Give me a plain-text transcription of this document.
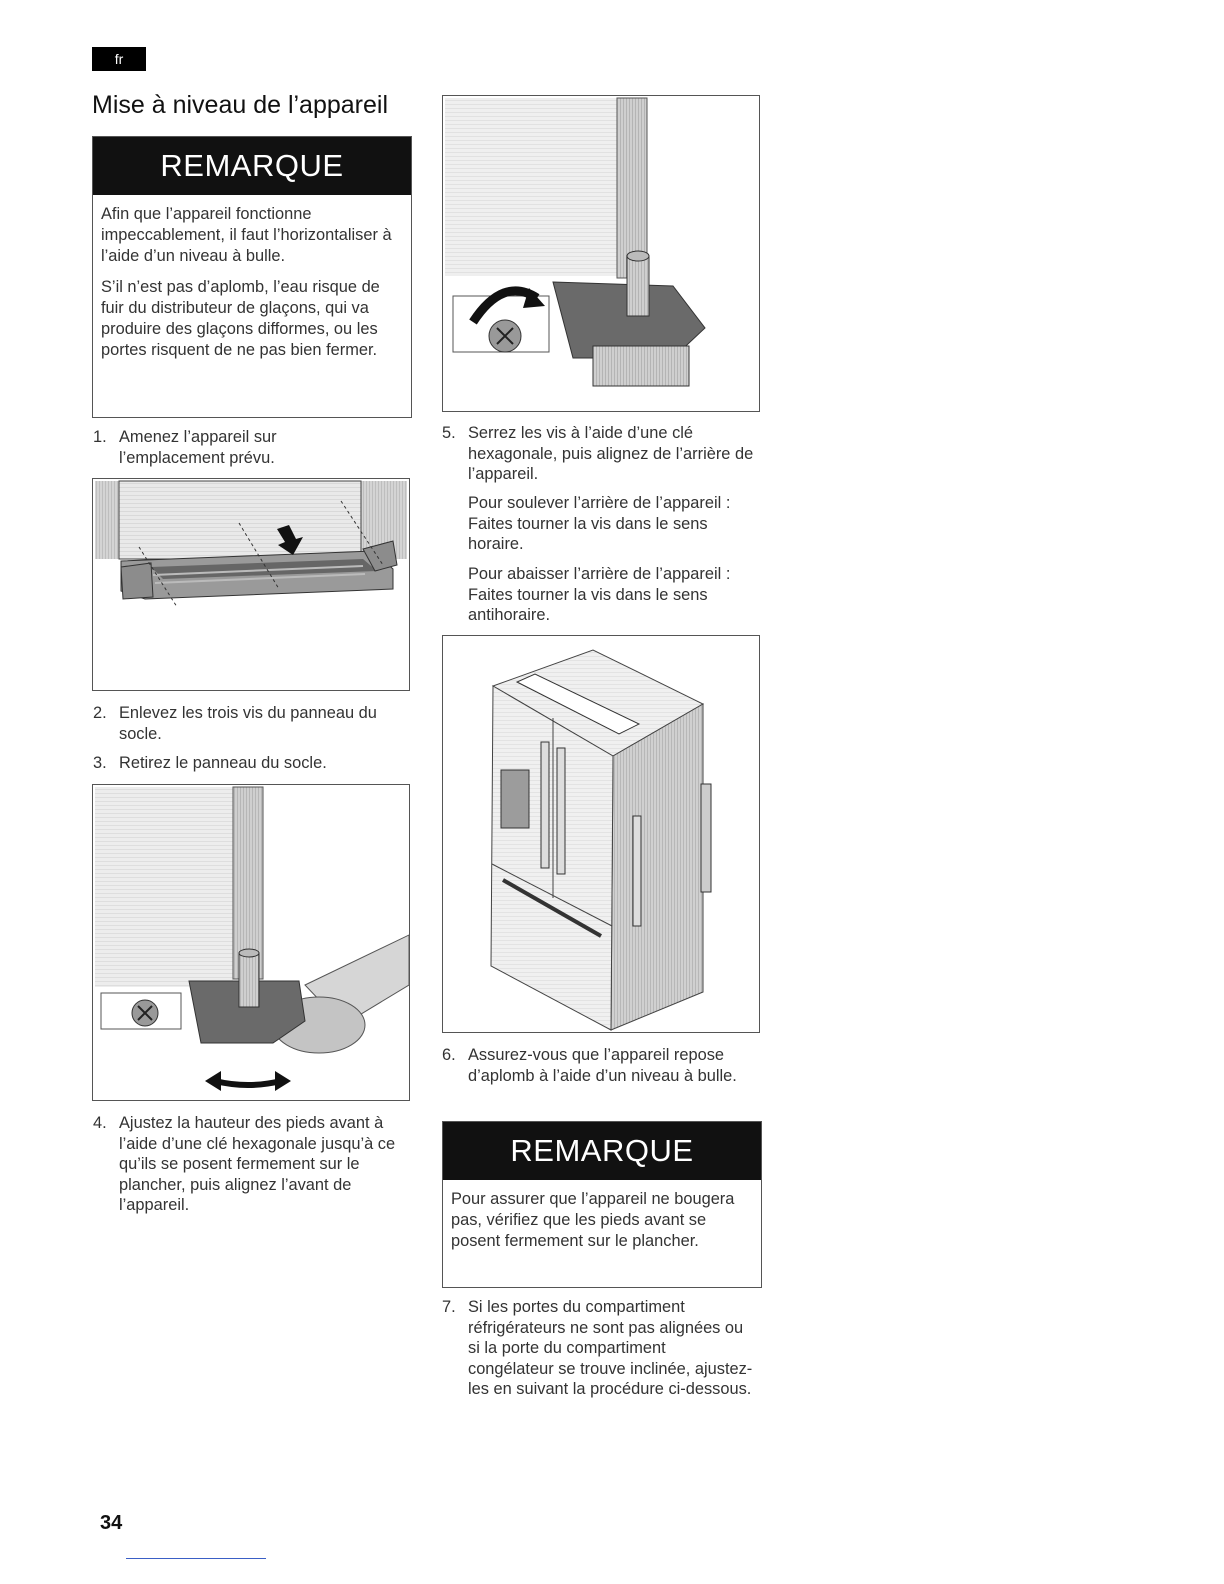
fr
Mise à niveau de l’appareil
REMARQUE

Afin que l’appareil fonctionne impeccablement, il faut l’horizontaliser à l’aide d’un niveau à bulle.

S’il n’est pas d’aplomb, l’eau risque de fuir du distributeur de glaçons, qui va produire des glaçons difformes, ou les portes risquent de ne pas bien fermer.

1. Amenez l’appareil sur l’emplacement prévu.
2. Enlevez les trois vis du panneau du socle.
3. Retirez le panneau du socle.
4. Ajustez la hauteur des pieds avant à l’aide d’une clé hexagonale jusqu’à ce qu’ils se posent fermement sur le plancher, puis alignez l’avant de l’appareil.
5. Serrez les vis à l’aide d’une clé hexagonale, puis alignez de l’arrière de l’appareil.
Pour soulever l’arrière de l’appareil : Faites tourner la vis dans le sens horaire.
Pour abaisser l’arrière de l’appareil : Faites tourner la vis dans le sens antihoraire.
6. Assurez-vous que l’appareil repose d’aplomb à l’aide d’un niveau à bulle.
REMARQUE

Pour assurer que l’appareil ne bougera pas, vérifiez que les pieds avant se posent fermement sur le plancher.

7. Si les portes du compartiment réfrigérateurs ne sont pas alignées ou si la porte du compartiment congélateur se trouve inclinée, ajustez-les en suivant la procédure ci-dessous.
34
